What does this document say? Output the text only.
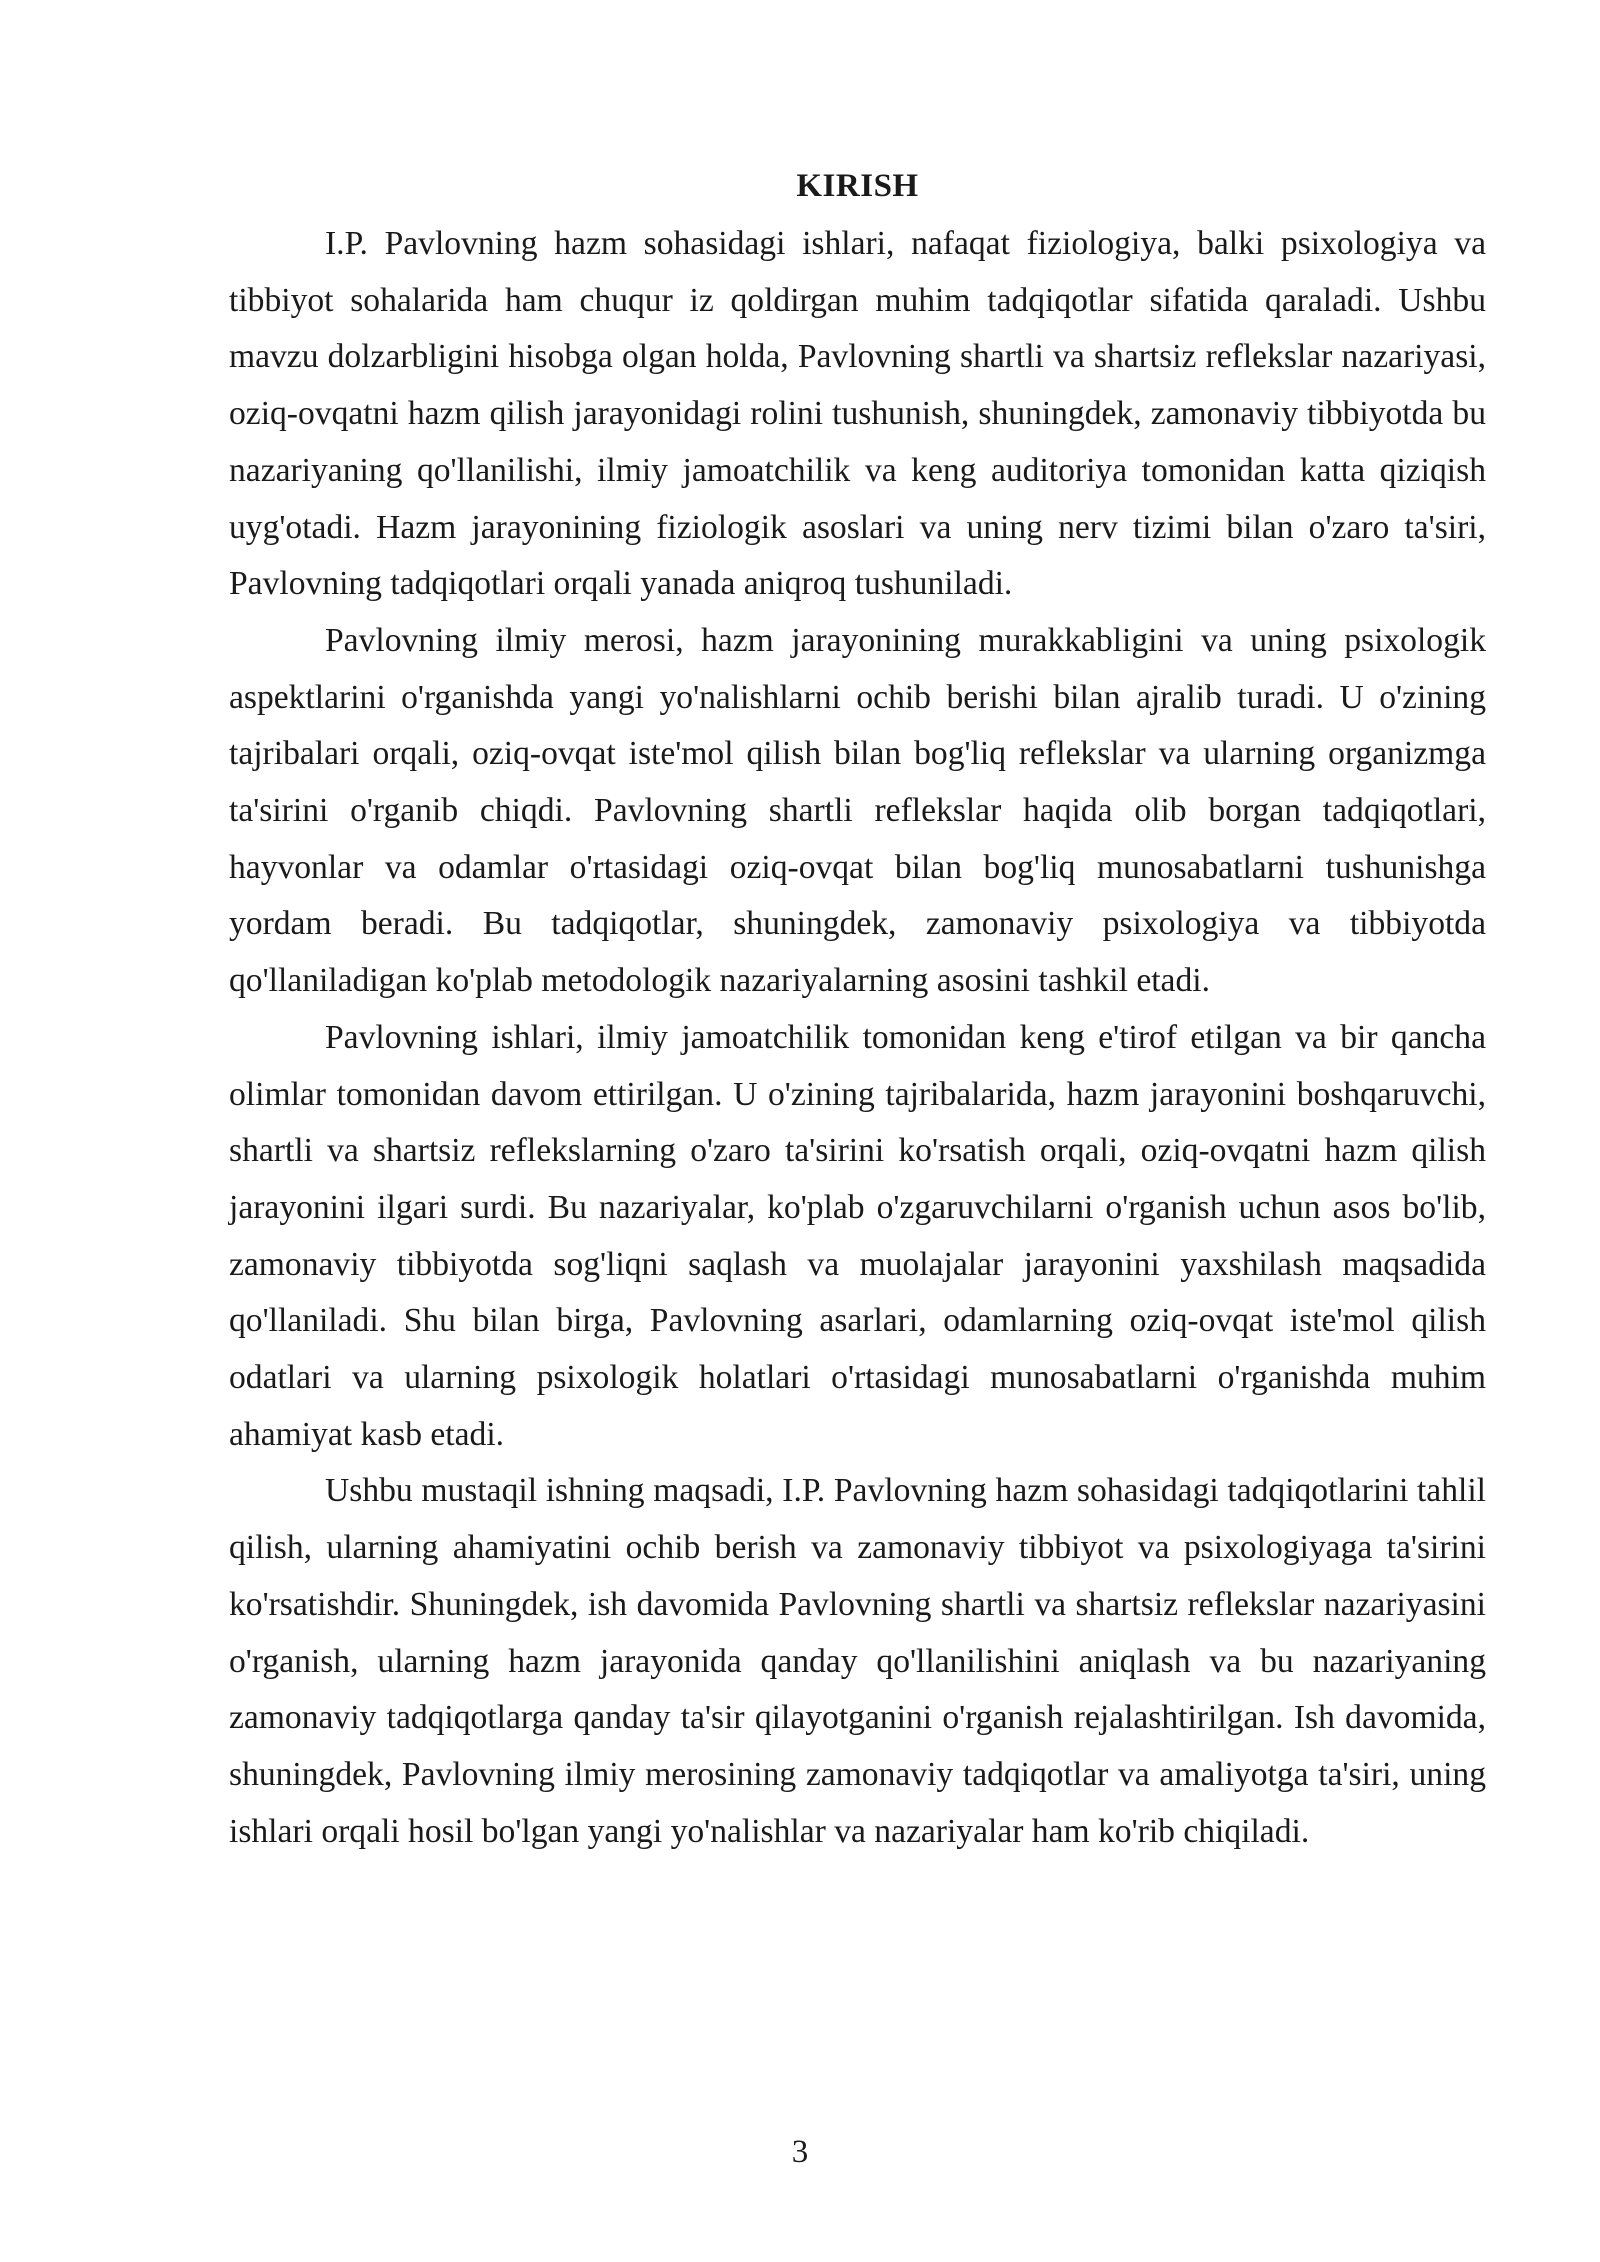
KIRISH

I.P. Pavlovning hazm sohasidagi ishlari, nafaqat fiziologiya, balki psixologiya va tibbiyot sohalarida ham chuqur iz qoldirgan muhim tadqiqotlar sifatida qaraladi. Ushbu mavzu dolzarbligini hisobga olgan holda, Pavlovning shartli va shartsiz reflekslar nazariyasi, oziq-ovqatni hazm qilish jarayonidagi rolini tushunish, shuningdek, zamonaviy tibbiyotda bu nazariyaning qo'llanilishi, ilmiy jamoatchilik va keng auditoriya tomonidan katta qiziqish uyg'otadi. Hazm jarayonining fiziologik asoslari va uning nerv tizimi bilan o'zaro ta'siri, Pavlovning tadqiqotlari orqali yanada aniqroq tushuniladi.

Pavlovning ilmiy merosi, hazm jarayonining murakkabligini va uning psixologik aspektlarini o'rganishda yangi yo'nalishlarni ochib berishi bilan ajralib turadi. U o'zining tajribalari orqali, oziq-ovqat iste'mol qilish bilan bog'liq reflekslar va ularning organizmga ta'sirini o'rganib chiqdi. Pavlovning shartli reflekslar haqida olib borgan tadqiqotlari, hayvonlar va odamlar o'rtasidagi oziq-ovqat bilan bog'liq munosabatlarni tushunishga yordam beradi. Bu tadqiqotlar, shuningdek, zamonaviy psixologiya va tibbiyotda qo'llaniladigan ko'plab metodologik nazariyalarning asosini tashkil etadi.

Pavlovning ishlari, ilmiy jamoatchilik tomonidan keng e'tirof etilgan va bir qancha olimlar tomonidan davom ettirilgan. U o'zining tajribalarida, hazm jarayonini boshqaruvchi, shartli va shartsiz reflekslarning o'zaro ta'sirini ko'rsatish orqali, oziq-ovqatni hazm qilish jarayonini ilgari surdi. Bu nazariyalar, ko'plab o'zgaruvchilarni o'rganish uchun asos bo'lib, zamonaviy tibbiyotda sog'liqni saqlash va muolajalar jarayonini yaxshilash maqsadida qo'llaniladi. Shu bilan birga, Pavlovning asarlari, odamlarning oziq-ovqat iste'mol qilish odatlari va ularning psixologik holatlari o'rtasidagi munosabatlarni o'rganishda muhim ahamiyat kasb etadi.

Ushbu mustaqil ishning maqsadi, I.P. Pavlovning hazm sohasidagi tadqiqotlarini tahlil qilish, ularning ahamiyatini ochib berish va zamonaviy tibbiyot va psixologiyaga ta'sirini ko'rsatishdir. Shuningdek, ish davomida Pavlovning shartli va shartsiz reflekslar nazariyasini o'rganish, ularning hazm jarayonida qanday qo'llanilishini aniqlash va bu nazariyaning zamonaviy tadqiqotlarga qanday ta'sir qilayotganini o'rganish rejalashtirilgan. Ish davomida, shuningdek, Pavlovning ilmiy merosining zamonaviy tadqiqotlar va amaliyotga ta'siri, uning ishlari orqali hosil bo'lgan yangi yo'nalishlar va nazariyalar ham ko'rib chiqiladi.

3
